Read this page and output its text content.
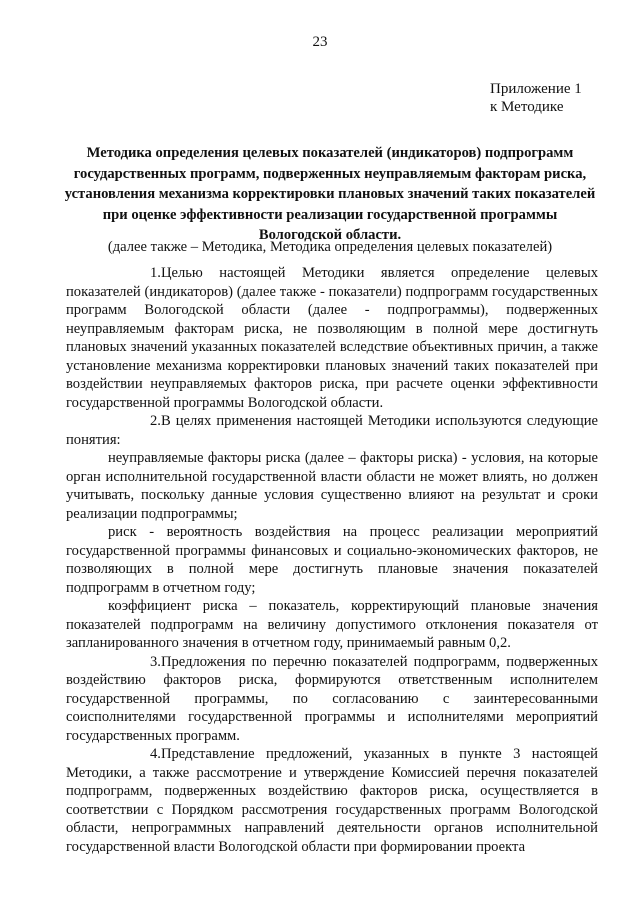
23
Приложение 1
к Методике
Методика определения целевых показателей (индикаторов) подпрограмм государственных программ, подверженных неуправляемым факторам риска, установления механизма корректировки плановых значений таких показателей при оценке эффективности реализации государственной программы Вологодской области.
(далее также – Методика, Методика определения целевых показателей)

1.Целью настоящей Методики является определение целевых показателей (индикаторов) (далее также - показатели) подпрограмм государственных программ Вологодской области (далее - подпрограммы), подверженных неуправляемым факторам риска, не позволяющим в полной мере достигнуть плановых значений указанных показателей вследствие объективных причин, а также установление механизма корректировки плановых значений таких показателей при воздействии неуправляемых факторов риска, при расчете оценки эффективности государственной программы Вологодской области.

2.В целях применения настоящей Методики используются следующие понятия:

неуправляемые факторы риска (далее – факторы риска) - условия, на которые орган исполнительной государственной власти области не может влиять, но должен учитывать, поскольку данные условия существенно влияют на результат и сроки реализации подпрограммы;

риск - вероятность воздействия на процесс реализации мероприятий государственной программы финансовых и социально-экономических факторов, не позволяющих в полной мере достигнуть плановые значения показателей подпрограмм в отчетном году;

коэффициент риска – показатель, корректирующий плановые значения показателей подпрограмм на величину допустимого отклонения показателя от запланированного значения в отчетном году, принимаемый равным 0,2.

3.Предложения по перечню показателей подпрограмм, подверженных воздействию факторов риска, формируются ответственным исполнителем государственной программы, по согласованию с заинтересованными соисполнителями государственной программы и исполнителями мероприятий государственных программ.

4.Представление предложений, указанных в пункте 3 настоящей Методики, а также рассмотрение и утверждение Комиссией перечня показателей подпрограмм, подверженных воздействию факторов риска, осуществляется в соответствии с Порядком рассмотрения государственных программ Вологодской области, непрограммных направлений деятельности органов исполнительной государственной власти Вологодской области при формировании проекта
